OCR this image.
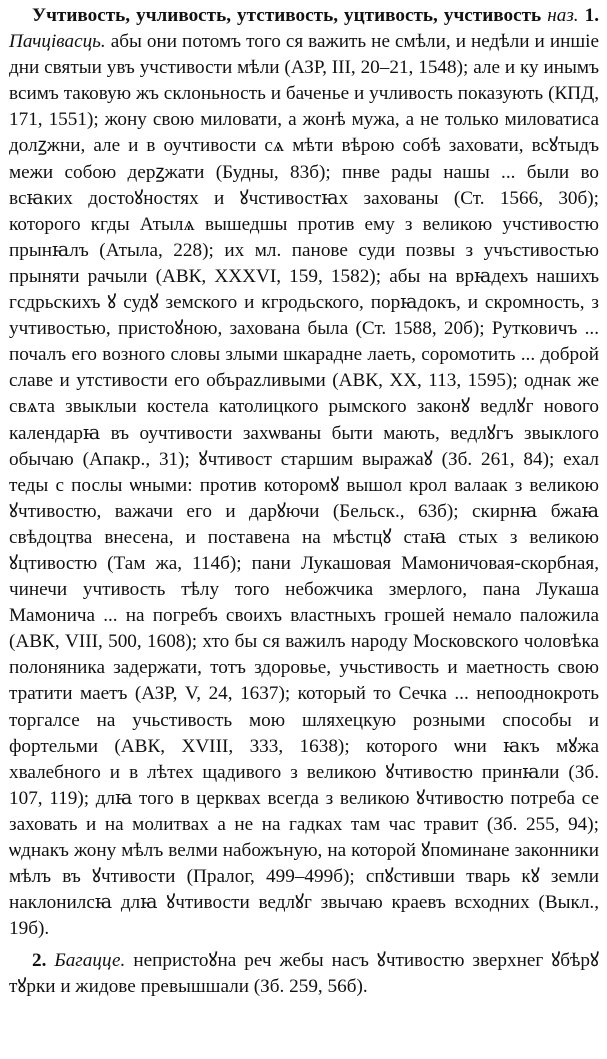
Учтивость, учливость, утстивость, уцтивость, учстивость наз. 1. Пачцівасць. абы они потомъ того ся важить не смѣли, и недѣли и иншіе дни святыи увъ учстивости мѣли (АЗР, III, 20–21, 1548); але и ку инымъ всимъ таковую жъ склоньность и баченье и учливость показують (КПД, 171, 1551); жону свою миловати, а жонѣ мужа, а не только миловатиса долꙁжни, але и в оучтивости сѧ мѣти вѣрою собѣ заховати, всꙋтыдъ межи собою дерꙁжати (Будны, 83б); пнве рады нашы ... были во всꙗких достоꙋностях и ꙋчстивостꙗх захованы (Ст. 1566, 30б); которого кгды Атылѧ вышедшы против ему з великою учстивостю прынꙗлъ (Атыла, 228); их мл. панове суди позвы з учъстивостью прыняти рачыли (АВК, XXXVI, 159, 1582); абы на врꙗдехъ нашихъ гсдрьскихъ ꙋ судꙋ земского и кгродьского, порꙗдокъ, и скромность, з учтивостью, пристоꙋною, захована была (Ст. 1588, 20б); Рутковичъ ... почалъ его возного словы злыми шкарадне лаеть, соромотить ... доброй славе и утстивости его обърazливыми (АВК, XX, 113, 1595); однак же свѧта звыклыи костела католицкого рымского законꙋ ведлꙋг нового календарꙗ въ оучтивости захѡваны быти мають, ведлꙋгъ звыклого обычаю (Апакр., 31); ꙋчтивост старшим выражаꙋ (Зб. 261, 84); ехал теды с послы ѡными: против которомꙋ вышол крол валаак з великою ꙋчтивостю, важачи его и дарꙋючи (Бельск., 63б); скирнꙗ бжаꙗ свѣдоцтва внесена, и поставена на мѣстцꙋ стаꙗ стых з великою ꙋцтивостю (Там жа, 114б); пани Лукашовая Мамоничовая-скорбная, чинечи учтивость тѣлу того небожчика змерлого, пана Лукаша Мамонича ... на погребъ своихъ властныхъ грошей немало паложила (АВК, VIII, 500, 1608); хто бы ся важилъ народу Московского чоловѣка полоняника задержати, тотъ здоровье, учьстивость и маетность свою тратити маетъ (АЗР, V, 24, 1637); который то Сечка ... непооднокроть торгалсе на учьстивость мою шляхецкую розными способы и фортельми (АВК, XVIII, 333, 1638); которого ѡни ꙗкъ мꙋжа хвалебного и в лѣтех щадивого з великою ꙋчтивостю принꙗли (Зб. 107, 119); длꙗ того в церквах всегда з великою ꙋчтивостю потреба се заховать и на молитвах а не на гадках там час травит (Зб. 255, 94); ѡднакъ жону мѣлъ велми набожъную, на которой ꙋпоминане законники мѣлъ въ ꙋчтивости (Пралог, 499–499б); спꙋстивши тварь кꙋ земли наклонилсꙗ длꙗ ꙋчтивости ведлꙋг звычаю краевъ всходних (Выкл., 19б).

2. Багацце. непристоꙋна реч жебы насъ ꙋчтивостю зверхнег ꙋбѣрꙋ тꙋрки и жидове превышшали (Зб. 259, 56б).
